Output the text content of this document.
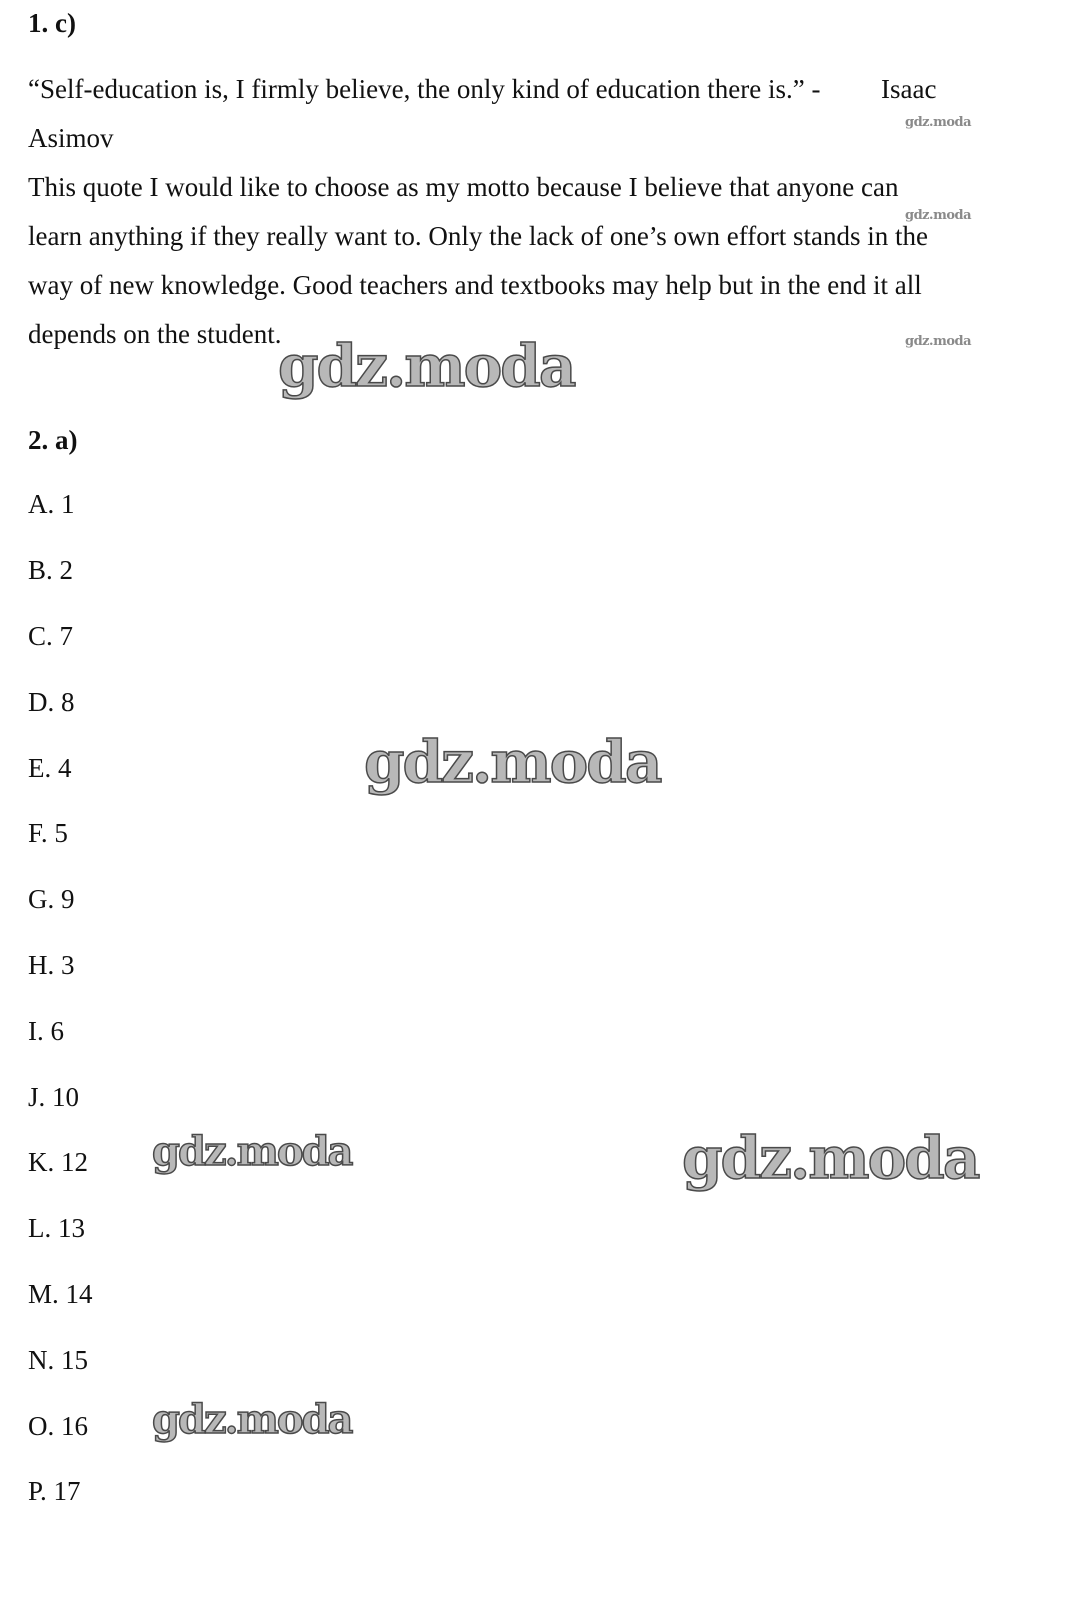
1. c)
“Self-education is, I firmly believe, the only kind of education there is.” -	Isaac
Asimov
This quote I would like to choose as my motto because I believe that anyone can
learn anything if they really want to. Only the lack of one’s own effort stands in the
way of new knowledge. Good teachers and textbooks may help but in the end it all
depends on the student.
2. a)
A. 1
B. 2
C. 7
D. 8
E. 4
F. 5
G. 9
H. 3
I. 6
J. 10
K. 12
L. 13
M. 14
N. 15
O. 16
P. 17
gdz.moda
gdz.moda
gdz.moda
gdz.moda
gdz.moda
gdz.moda	gdz.moda
gdz.moda
